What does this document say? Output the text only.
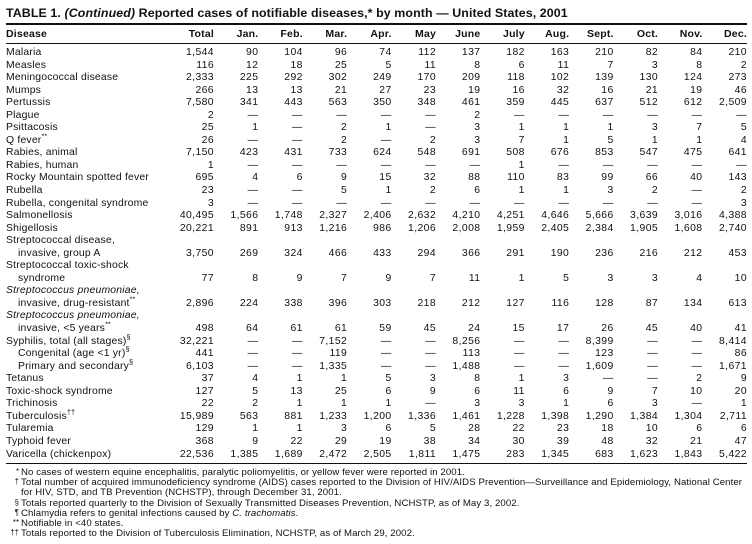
TABLE 1. (Continued) Reported cases of notifiable diseases,* by month — United States, 2001
Disease	Total	Jan.	Feb.	Mar.	Apr.	May	June	July	Aug.	Sept.	Oct.	Nov.	Dec.

Malaria	1,544	90	104	96	74	112	137	182	163	210	82	84	210

Measles	116	12	18	25	5	11	8	6	11	7	3	8	2

Meningococcal disease	2,333	225	292	302	249	170	209	118	102	139	130	124	273

Mumps	266	13	13	21	27	23	19	16	32	16	21	19	46

Pertussis	7,580	341	443	563	350	348	461	359	445	637	512	612	2,509

Plague	2	—	—	—	—	—	2	—	—	—	—	—	—

Psittacosis	25	1	—	2	1	—	3	1	1	1	3	7	5

Q fever**	26	—	—	2	—	2	3	7	1	5	1	1	4

Rabies, animal	7,150	423	431	733	624	548	691	508	676	853	547	475	641

Rabies, human	1	—	—	—	—	—	—	1	—	—	—	—	—

Rocky Mountain spotted fever	695	4	6	9	15	32	88	110	83	99	66	40	143

Rubella	23	—	—	5	1	2	6	1	1	3	2	—	2

Rubella, congenital syndrome	3	—	—	—	—	—	—	—	—	—	—	—	3

Salmonellosis	40,495	1,566	1,748	2,327	2,406	2,632	4,210	4,251	4,646	5,666	3,639	3,016	4,388

Shigellosis	20,221	891	913	1,216	986	1,206	2,008	1,959	2,405	2,384	1,905	1,608	2,740

Streptococcal disease,
invasive, group A	3,750	269	324	466	433	294	366	291	190	236	216	212	453

Streptococcal toxic-shock
syndrome	77	8	9	7	9	7	11	1	5	3	3	4	10

Streptococcus pneumoniae,
invasive, drug-resistant**	2,896	224	338	396	303	218	212	127	116	128	87	134	613

Streptococcus pneumoniae,
invasive, <5 years**	498	64	61	61	59	45	24	15	17	26	45	40	41

Syphilis, total (all stages)§	32,221	—	—	7,152	—	—	8,256	—	—	8,399	—	—	8,414

Congenital (age <1 yr)§	441	—	—	119	—	—	113	—	—	123	—	—	86

Primary and secondary§	6,103	—	—	1,335	—	—	1,488	—	—	1,609	—	—	1,671

Tetanus	37	4	1	1	5	3	8	1	3	—	—	2	9

Toxic-shock syndrome	127	5	13	25	6	9	6	11	6	9	7	10	20

Trichinosis	22	2	1	1	1	—	3	3	1	6	3	—	1

Tuberculosis††	15,989	563	881	1,233	1,200	1,336	1,461	1,228	1,398	1,290	1,384	1,304	2,711

Tularemia	129	1	1	3	6	5	28	22	23	18	10	6	6

Typhoid fever	368	9	22	29	19	38	34	30	39	48	32	21	47

Varicella (chickenpox)	22,536	1,385	1,689	2,472	2,505	1,811	1,475	283	1,345	683	1,623	1,843	5,422
* No cases of western equine encephalitis, paralytic poliomyelitis, or yellow fever were reported in 2001.
† Total number of acquired immunodeficiency syndrome (AIDS) cases reported to the Division of HIV/AIDS Prevention—Surveillance and Epidemiology, National Center for HIV, STD, and TB Prevention (NCHSTP), through December 31, 2001.
§ Totals reported quarterly to the Division of Sexually Transmitted Diseases Prevention, NCHSTP, as of May 3, 2002.
¶ Chlamydia refers to genital infections caused by C. trachomatis.
** Notifiable in <40 states.
†† Totals reported to the Division of Tuberculosis Elimination, NCHSTP, as of March 29, 2002.
